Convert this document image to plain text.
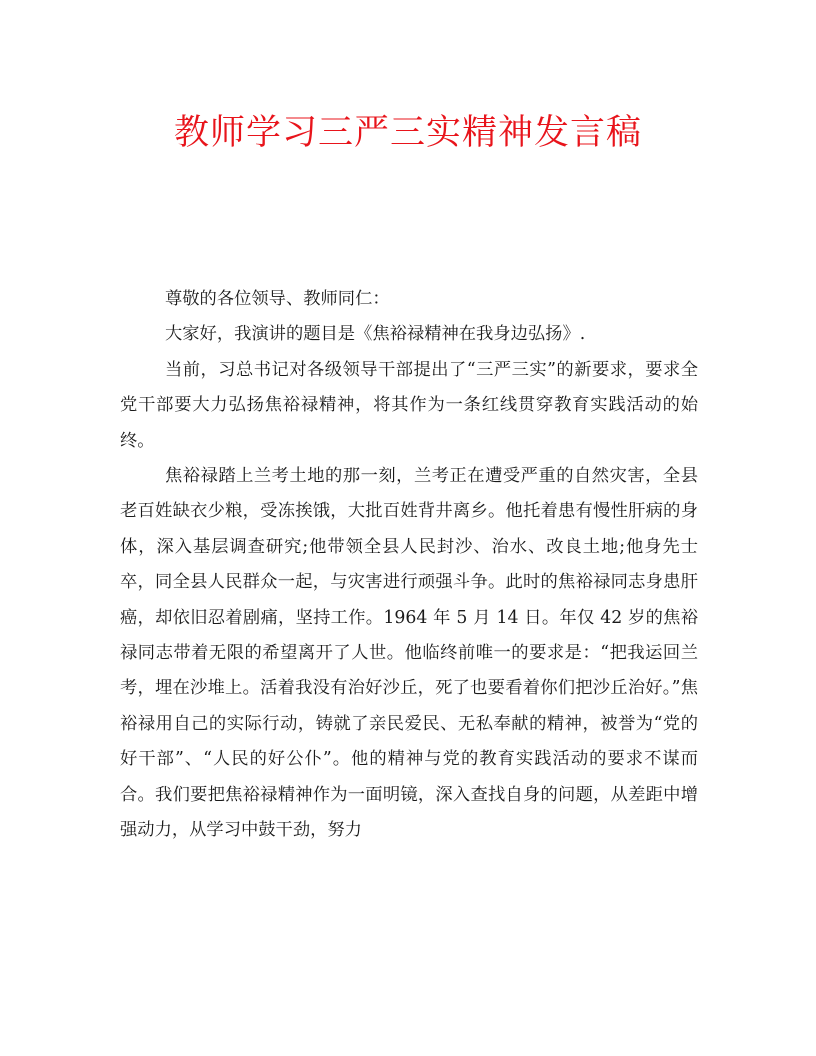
教师学习三严三实精神发言稿

尊敬的各位领导、教师同仁：

大家好，我演讲的题目是《焦裕禄精神在我身边弘扬》.

当前，习总书记对各级领导干部提出了“三严三实”的新要求，要求全党干部要大力弘扬焦裕禄精神，将其作为一条红线贯穿教育实践活动的始终。

焦裕禄踏上兰考土地的那一刻，兰考正在遭受严重的自然灾害，全县老百姓缺衣少粮，受冻挨饿，大批百姓背井离乡。他托着患有慢性肝病的身体，深入基层调查研究;他带领全县人民封沙、治水、改良土地;他身先士卒，同全县人民群众一起，与灾害进行顽强斗争。此时的焦裕禄同志身患肝癌，却依旧忍着剧痛，坚持工作。1964 年 5 月 14 日。年仅 42 岁的焦裕禄同志带着无限的希望离开了人世。他临终前唯一的要求是：“把我运回兰考，埋在沙堆上。活着我没有治好沙丘，死了也要看着你们把沙丘治好。”焦裕禄用自己的实际行动，铸就了亲民爱民、无私奉献的精神，被誉为“党的好干部”、“人民的好公仆”。他的精神与党的教育实践活动的要求不谋而合。我们要把焦裕禄精神作为一面明镜，深入查找自身的问题，从差距中增强动力，从学习中鼓干劲，努力
